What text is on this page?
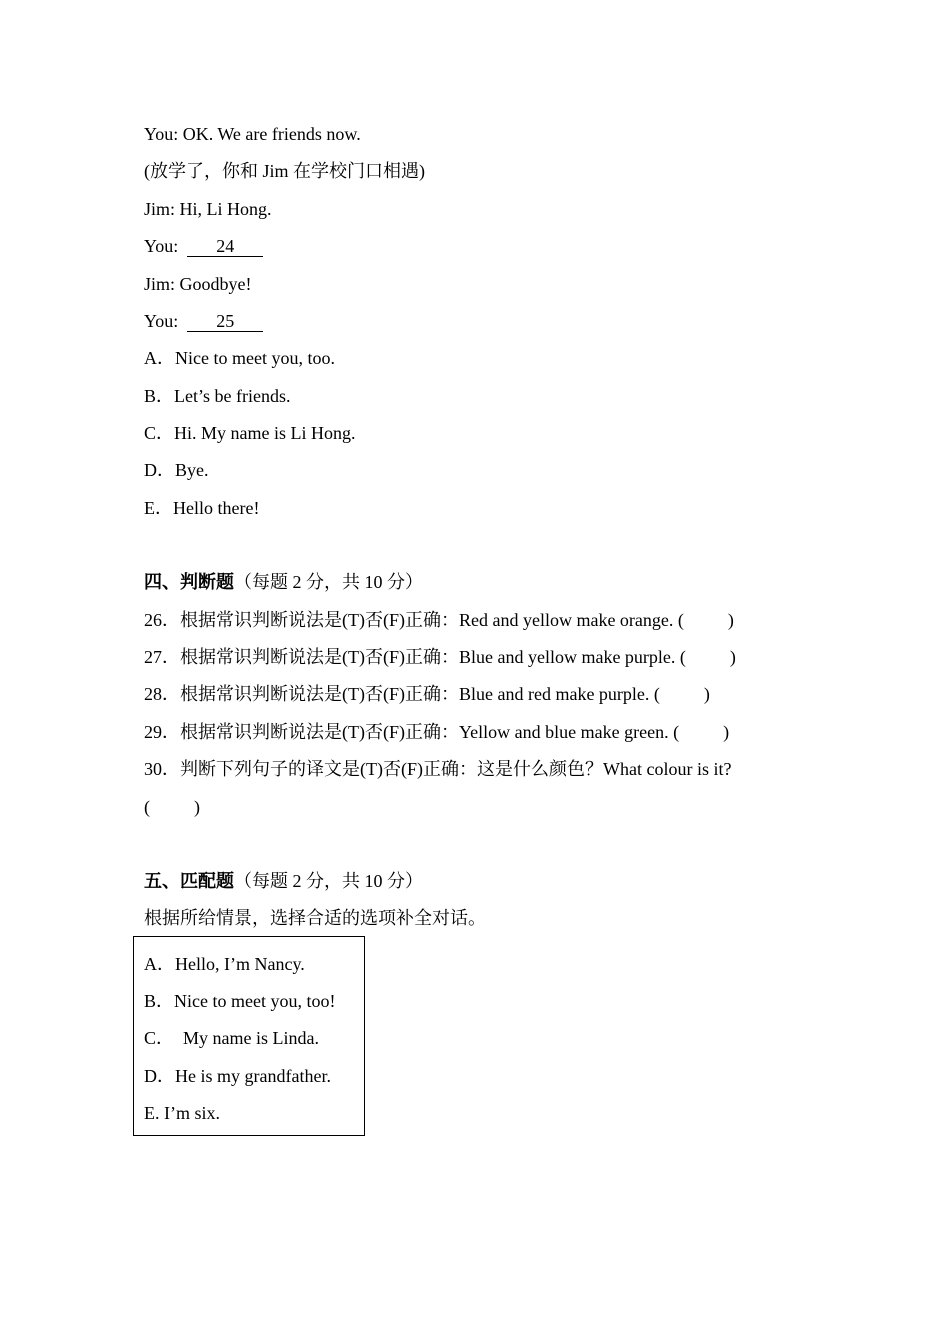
You: OK. We are friends now.
(放学了，你和 Jim 在学校门口相遇)
Jim: Hi, Li Hong.
You: 24
Jim: Goodbye!
You: 25
A．Nice to meet you, too.
B．Let’s be friends.
C．Hi. My name is Li Hong.
D．Bye.
E．Hello there!
四、判断题（每题 2 分，共 10 分）
26．根据常识判断说法是(T)否(F)正确：Red and yellow make orange. ( )
27．根据常识判断说法是(T)否(F)正确：Blue and yellow make purple. ( )
28．根据常识判断说法是(T)否(F)正确：Blue and red make purple. ( )
29．根据常识判断说法是(T)否(F)正确：Yellow and blue make green. ( )
30．判断下列句子的译文是(T)否(F)正确：这是什么颜色？What colour is it?
( )
五、匹配题（每题 2 分，共 10 分）
根据所给情景，选择合适的选项补全对话。
A．Hello, I’m Nancy.
B．Nice to meet you, too!
C．  My name is Linda.
D．He is my grandfather.
E. I’m six.
